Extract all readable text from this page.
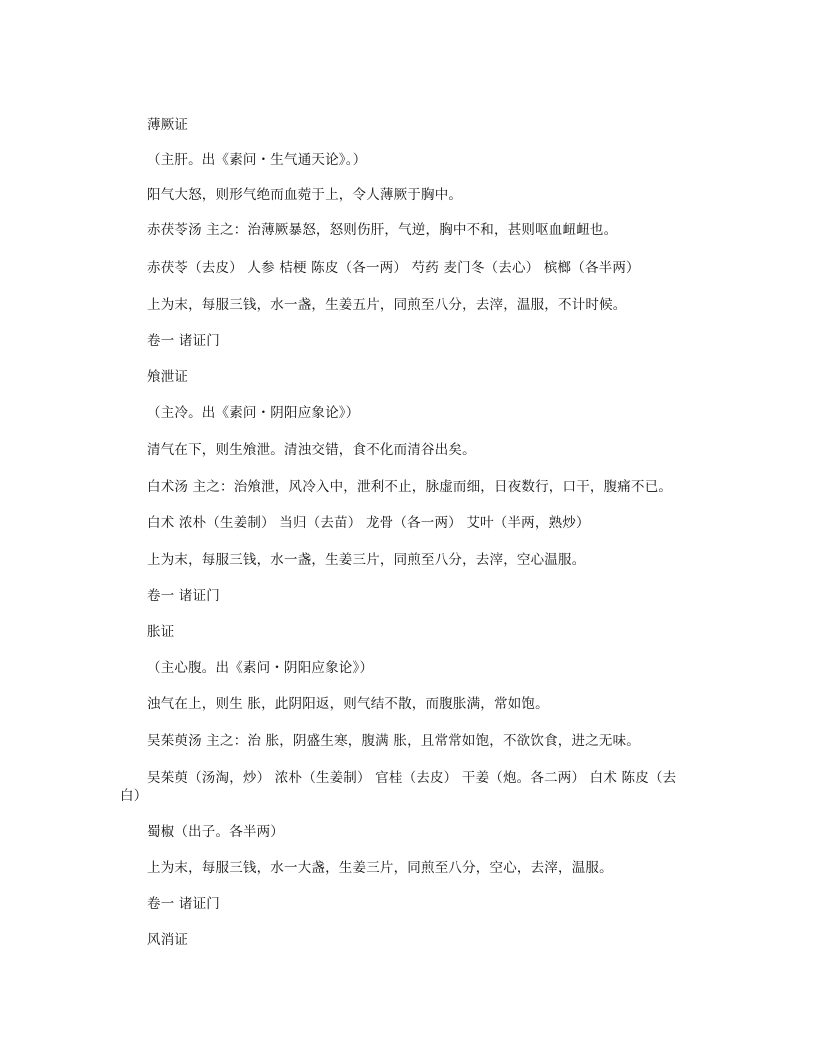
薄厥证
（主肝。出《素问・生气通天论》。）
阳气大怒，则形气绝而血菀于上，令人薄厥于胸中。
赤茯苓汤 主之：治薄厥暴怒，怒则伤肝，气逆，胸中不和，甚则呕血衄衄也。
赤茯苓（去皮） 人参 桔梗 陈皮（各一两） 芍药 麦门冬（去心） 槟榔（各半两）
上为末，每服三钱，水一盏，生姜五片，同煎至八分，去滓，温服，不计时候。
卷一 诸证门
飧泄证
（主冷。出《素问・阴阳应象论》）
清气在下，则生飧泄。清浊交错，食不化而清谷出矣。
白术汤 主之：治飧泄，风冷入中，泄利不止，脉虚而细，日夜数行，口干，腹痛不已。
白术 浓朴（生姜制） 当归（去苗） 龙骨（各一两） 艾叶（半两，熟炒）
上为末，每服三钱，水一盏，生姜三片，同煎至八分，去滓，空心温服。
卷一 诸证门
胀证
（主心腹。出《素问・阴阳应象论》）
浊气在上，则生 胀，此阴阳返，则气结不散，而腹胀满，常如饱。
吴茱萸汤 主之：治 胀，阴盛生寒，腹满 胀，且常常如饱，不欲饮食，进之无味。
吴茱萸（汤淘，炒） 浓朴（生姜制） 官桂（去皮） 干姜（炮。各二两） 白术 陈皮（去
白）
蜀椒（出子。各半两）
上为末，每服三钱，水一大盏，生姜三片，同煎至八分，空心，去滓，温服。
卷一 诸证门
风消证
